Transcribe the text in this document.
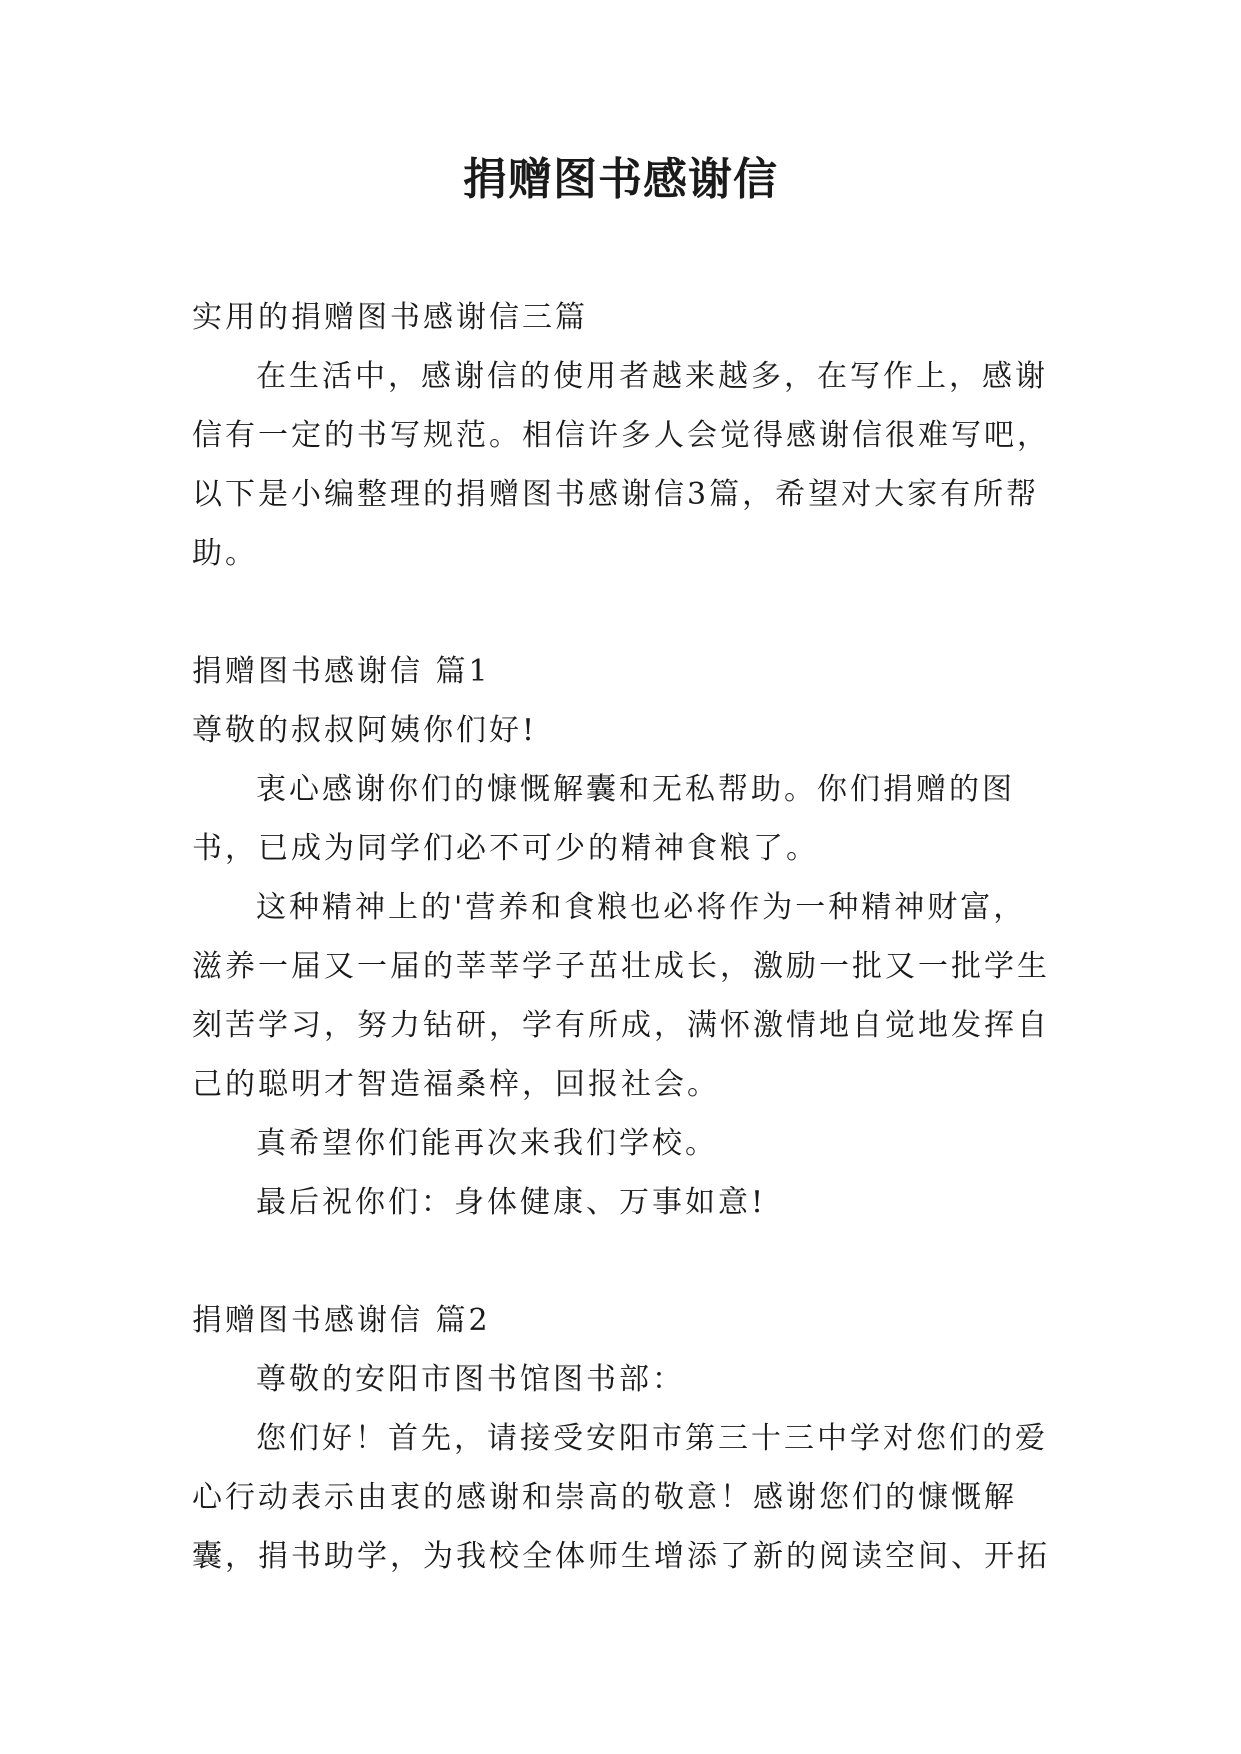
捐赠图书感谢信

实用的捐赠图书感谢信三篇

在生活中，感谢信的使用者越来越多，在写作上，感谢信有一定的书写规范。相信许多人会觉得感谢信很难写吧，以下是小编整理的捐赠图书感谢信3篇，希望对大家有所帮助。

捐赠图书感谢信 篇1

尊敬的叔叔阿姨你们好!

衷心感谢你们的慷慨解囊和无私帮助。你们捐赠的图书，已成为同学们必不可少的精神食粮了。

这种精神上的'营养和食粮也必将作为一种精神财富，滋养一届又一届的莘莘学子茁壮成长，激励一批又一批学生刻苦学习，努力钻研，学有所成，满怀激情地自觉地发挥自己的聪明才智造福桑梓，回报社会。

真希望你们能再次来我们学校。

最后祝你们：身体健康、万事如意!

捐赠图书感谢信 篇2

尊敬的安阳市图书馆图书部：

您们好！首先，请接受安阳市第三十三中学对您们的爱心行动表示由衷的感谢和崇高的敬意！感谢您们的慷慨解囊，捐书助学，为我校全体师生增添了新的阅读空间、开拓
